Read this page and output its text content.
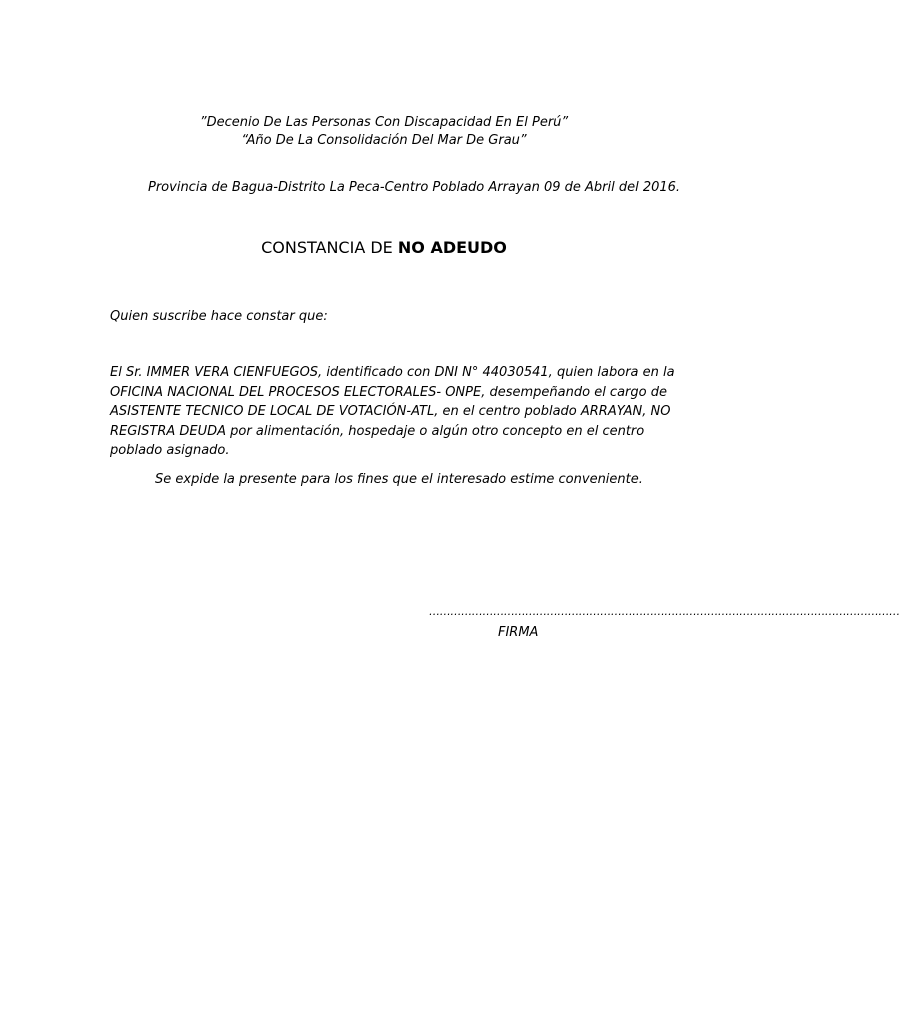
”Decenio De Las Personas Con Discapacidad En El Perú”
“Año De La Consolidación Del Mar De Grau”
Provincia de Bagua-Distrito La Peca-Centro Poblado Arrayan 09 de Abril del 2016.
CONSTANCIA DE NO ADEUDO
Quien suscribe hace constar que:

El Sr. IMMER VERA CIENFUEGOS, identificado con DNI N° 44030541, quien labora en la
OFICINA NACIONAL DEL PROCESOS ELECTORALES- ONPE, desempeñando el cargo de
ASISTENTE TECNICO DE LOCAL DE VOTACIÓN-ATL, en el centro poblado ARRAYAN, NO
REGISTRA DEUDA por alimentación, hospedaje o algún otro concepto en el centro
poblado asignado.

Se expide la presente para los fines que el interesado estime conveniente.
……………………………………………………………………………………………………………………
FIRMA
